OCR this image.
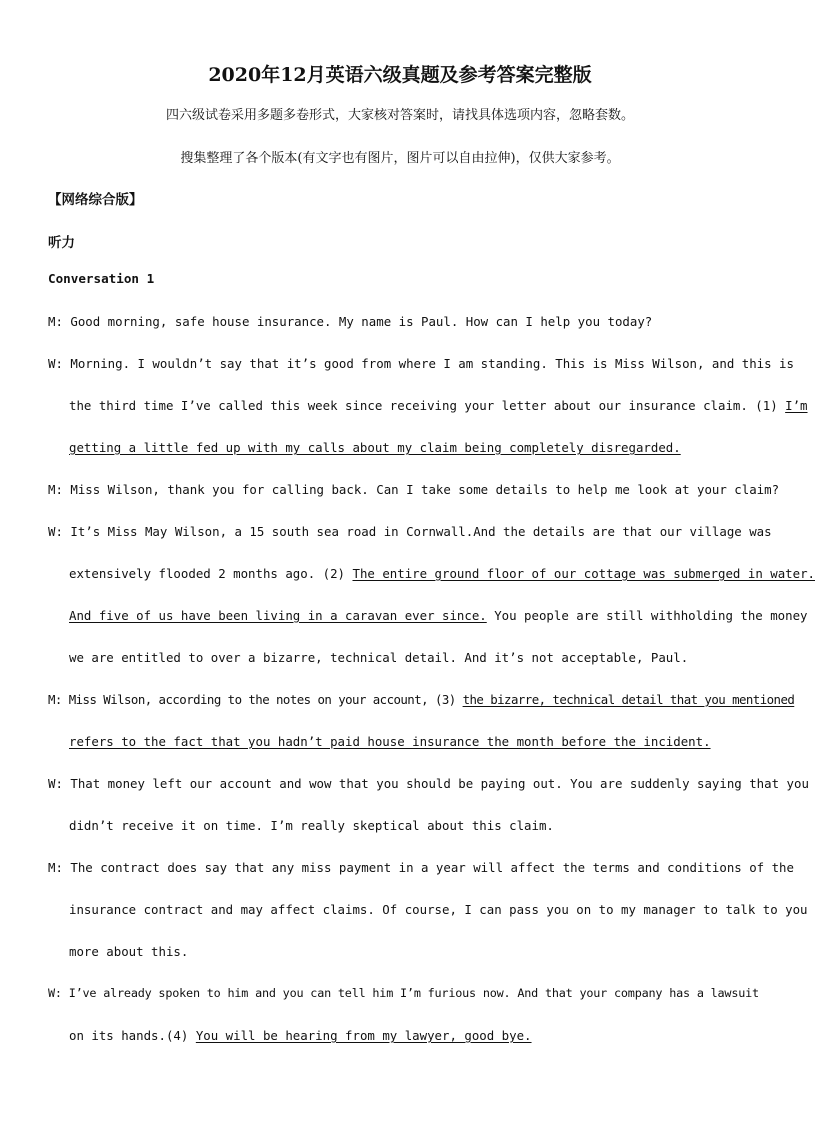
2020年12月英语六级真题及参考答案完整版
四六级试卷采用多题多卷形式，大家核对答案时，请找具体选项内容，忽略套数。
搜集整理了各个版本(有文字也有图片，图片可以自由拉伸)，仅供大家参考。
【网络综合版】
听力
Conversation 1
M: Good morning, safe house insurance. My name is Paul. How can I help you today?
W: Morning. I wouldn’t say that it’s good from where I am standing. This is Miss Wilson, and this is
the third time I’ve called this week since receiving your letter about our insurance claim. (1) I’m
getting a little fed up with my calls about my claim being completely disregarded.
M: Miss Wilson, thank you for calling back. Can I take some details to help me look at your claim?
W: It’s Miss May Wilson, a 15 south sea road in Cornwall.And the details are that our village was
extensively flooded 2 months ago. (2) The entire ground floor of our cottage was submerged in water.
And five of us have been living in a caravan ever since. You people are still withholding the money
we are entitled to over a bizarre, technical detail. And it’s not acceptable, Paul.
M: Miss Wilson, according to the notes on your account, (3) the bizarre, technical detail that you mentioned
refers to the fact that you hadn’t paid house insurance the month before the incident.
W: That money left our account and wow that you should be paying out. You are suddenly saying that you
didn’t receive it on time. I’m really skeptical about this claim.
M: The contract does say that any miss payment in a year will affect the terms and conditions of the
insurance contract and may affect claims. Of course, I can pass you on to my manager to talk to you
more about this.
W: I’ve already spoken to him and you can tell him I’m furious now. And that your company has a lawsuit
on its hands.(4) You will be hearing from my lawyer, good bye.
